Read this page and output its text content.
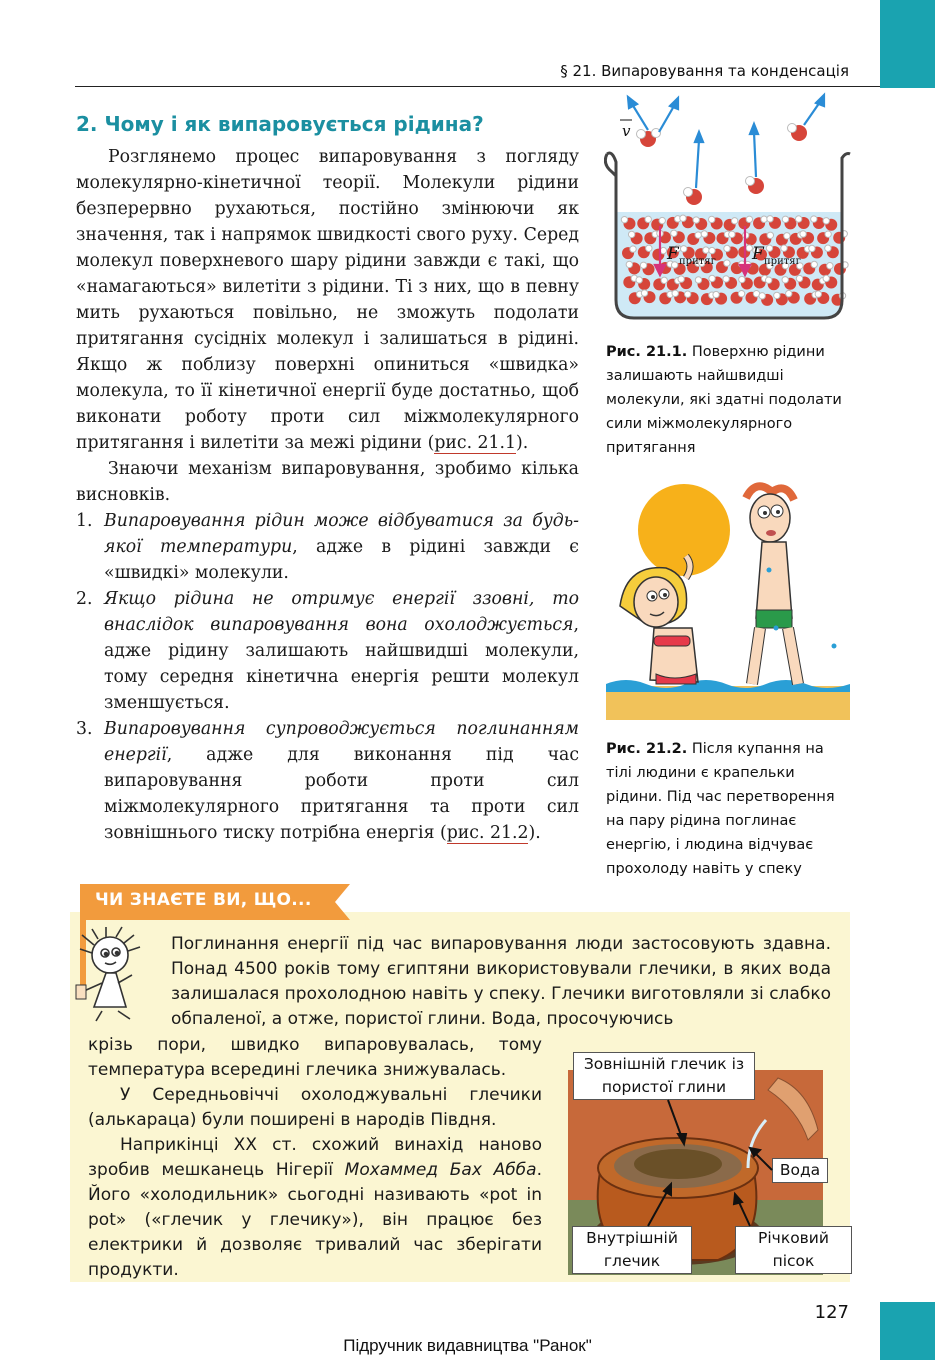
§ 21. Випаровування та конденсація
2. Чому і як випаровується рідина?

Розглянемо процес випаровування з погляду молекулярно-кінетичної теорії. Молекули рідини безперервно рухаються, постійно змінюючи як значення, так і напрямок швидкості свого руху. Серед молекул поверхневого шару рідини завжди є такі, що «намагаються» вилетіти з рідини. Ті з них, що в певну мить рухаються повільно, не зможуть подолати притягання сусідніх молекул і залишаться в рідині. Якщо ж поблизу поверхні опиниться «швидка» молекула, то її кінетичної енергії буде достатньо, щоб виконати роботу проти сил міжмолекулярного притягання і вилетіти за межі рідини (рис. 21.1).

Знаючи механізм випаровування, зробимо кілька висновків.

1. Випаровування рідин може відбуватися за будь-якої температури, адже в рідині завжди є «швидкі» молекули.
2. Якщо рідина не отримує енергії ззовні, то внаслідок випаровування вона охолоджується, адже рідину залишають найшвидші молекули, тому середня кінетична енергія решти молекул зменшується.
3. Випаровування супроводжується поглинанням енергії, адже для виконання під час випаровування роботи проти сил міжмолекулярного притягання та проти сил зовнішнього тиску потрібна енергія (рис. 21.2).
v
F притяг F притяг
Рис. 21.1. Поверхню рідини залишають найшвидші молекули, які здатні подолати сили міжмолекулярного притягання
Рис. 21.2. Після купання на тілі людини є крапельки рідини. Під час перетворення на пару рідина поглинає енергію, і людина відчуває прохолоду навіть у спеку
ЧИ ЗНАЄТЕ ВИ, ЩО...
Поглинання енергії під час випаровування люди застосовують здавна. Понад 4500 років тому єгиптяни використовували глечики, в яких вода залишалася прохолодною навіть у спеку. Глечики виготовляли зі слабко обпаленої, а отже, пористої глини. Вода, просочуючись

крізь пори, швидко випаровувалась, тому температура всередині глечика знижувалась.

У Середньовіччі охолоджувальні глечики (алькараца) були поширені в народів Півдня.

Наприкінці XX ст. схожий винахід наново зробив мешканець Нігерії Мохаммед Бах Абба. Його «холодильник» сьогодні називають «pot in pot» («глечик у глечику»), він працює без електрики й дозволяє тривалий час зберігати продукти.

Зовнішній глечик із пористої глини
Вода
Внутрішній глечик
Річковий пісок
127
Підручник видавництва "Ранок"
